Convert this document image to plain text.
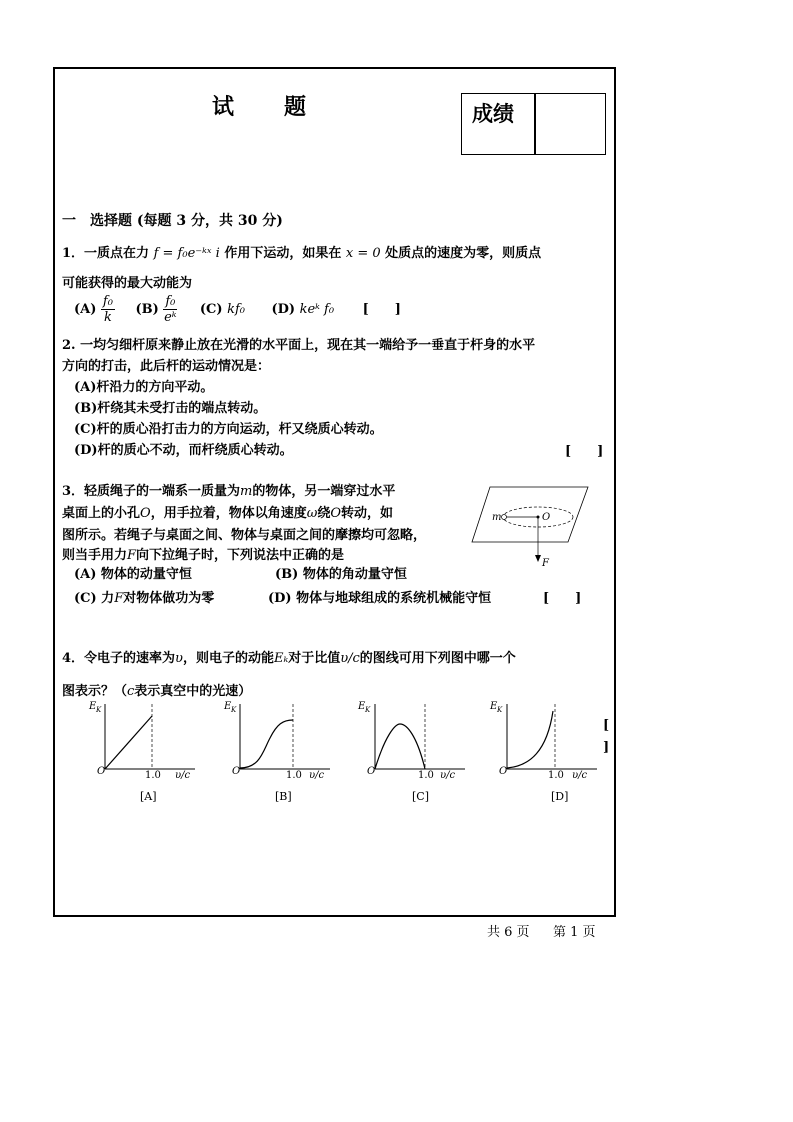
试　　题	成绩
一　选择题 (每题 3 分，共 30 分)
1．一质点在力 f = f₀e⁻ᵏˣ i 作用下运动，如果在 x = 0 处质点的速度为零，则质点
可能获得的最大动能为
$(A) \frac{\text{f₀}}{k} (B) \frac{\text{f₀}}{\text{eᵏ}} (C)$ kf₀ (D) keᵏ f₀ [　　]
2. 一均匀细杆原来静止放在光滑的水平面上，现在其一端给予一垂直于杆身的水平
方向的打击，此后杆的运动情况是：
(A)杆沿力的方向平动。
(B)杆绕其未受打击的端点转动。
(C)杆的质心沿打击力的方向运动，杆又绕质心转动。
(D)杆的质心不动，而杆绕质心转动。	[　　]
3．轻质绳子的一端系一质量为m的物体，另一端穿过水平
桌面上的小孔O，用手拉着，物体以角速度ω绕O转动，如
图所示。若绳子与桌面之间、物体与桌面之间的摩擦均可忽略，
则当手用力F向下拉绳子时，下列说法中正确的是
(A) 物体的动量守恒	(B) 物体的角动量守恒
(C) 力F对物体做功为零	(D) 物体与地球组成的系统机械能守恒	[　　]
m	O
F
4．令电子的速率为υ，则电子的动能Eₖ对于比值υ/c的图线可用下列图中哪一个
图表示？（c表示真空中的光速）
[
]
E K
O	1.0 υ/c
[A]
E K
O	1.0 υ/c
[B]
E K
O	1.0 υ/c
[C]
E K
O	1.0 υ/c
[D]
共 6 页 第 1 页
